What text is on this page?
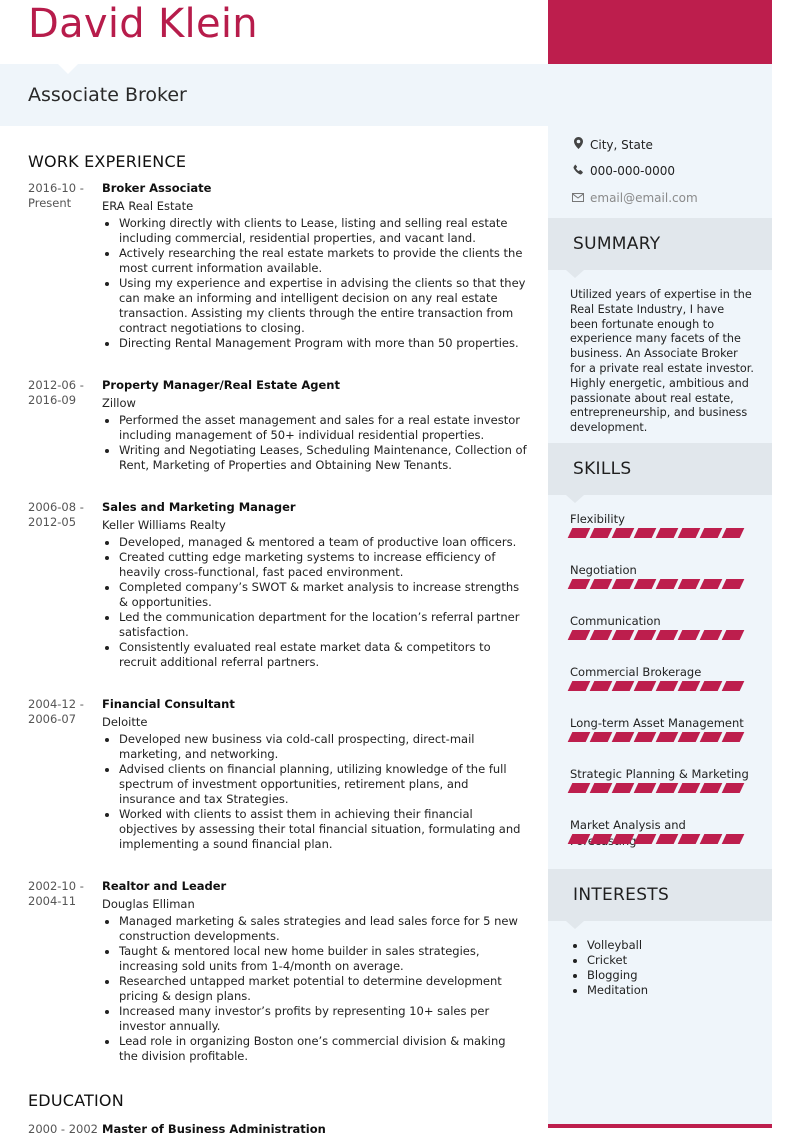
David Klein
Associate Broker
City, State
000-000-0000
email@email.com
SUMMARY
Utilized years of expertise in the Real Estate Industry, I have been fortunate enough to experience many facets of the business. An Associate Broker for a private real estate investor. Highly energetic, ambitious and passionate about real estate, entrepreneurship, and business development.
SKILLS
Flexibility
Negotiation
Communication
Commercial Brokerage
Long-term Asset Management
Strategic Planning & Marketing
Market Analysis and
INTERESTS
• Volleyball
• Cricket
• Blogging
• Meditation
WORK EXPERIENCE
2016-10 -
Present
Broker Associate
ERA Real Estate
• Working directly with clients to Lease, listing and selling real estate including commercial, residential properties, and vacant land.
• Actively researching the real estate markets to provide the clients the most current information available.
• Using my experience and expertise in advising the clients so that they can make an informing and intelligent decision on any real estate transaction. Assisting my clients through the entire transaction from contract negotiations to closing.
• Directing Rental Management Program with more than 50 properties.
2012-06 -
2016-09
Property Manager/Real Estate Agent
Zillow
• Performed the asset management and sales for a real estate investor including management of 50+ individual residential properties.
• Writing and Negotiating Leases, Scheduling Maintenance, Collection of Rent, Marketing of Properties and Obtaining New Tenants.
2006-08 -
2012-05
Sales and Marketing Manager
Keller Williams Realty
• Developed, managed & mentored a team of productive loan officers.
• Created cutting edge marketing systems to increase efficiency of heavily cross-functional, fast paced environment.
• Completed company’s SWOT & market analysis to increase strengths & opportunities.
• Led the communication department for the location’s referral partner satisfaction.
• Consistently evaluated real estate market data & competitors to recruit additional referral partners.
2004-12 -
2006-07
Financial Consultant
Deloitte
• Developed new business via cold-call prospecting, direct-mail marketing, and networking.
• Advised clients on financial planning, utilizing knowledge of the full spectrum of investment opportunities, retirement plans, and insurance and tax Strategies.
• Worked with clients to assist them in achieving their financial objectives by assessing their total financial situation, formulating and implementing a sound financial plan.
2002-10 -
2004-11
Realtor and Leader
Douglas Elliman
• Managed marketing & sales strategies and lead sales force for 5 new construction developments.
• Taught & mentored local new home builder in sales strategies, increasing sold units from 1-4/month on average.
• Researched untapped market potential to determine development pricing & design plans.
• Increased many investor’s profits by representing 10+ sales per investor annually.
• Lead role in organizing Boston one’s commercial division & making the division profitable.
EDUCATION
2000 - 2002 Master of Business Administration
